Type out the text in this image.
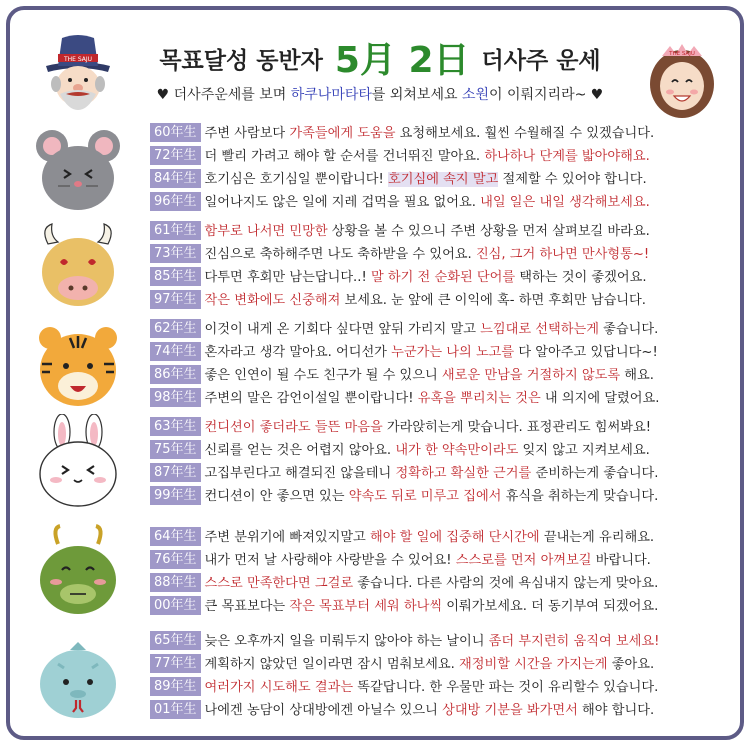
THE SAJU	목표달성 동반자 5月 2日 더사주 운세
♥ 더사주운세를 보며 하쿠나마타타를 외쳐보세요 소원이 이뤄지리라~ ♥
THE SAJU
60年生 주변 사람보다 가족들에게 도움을 요청해보세요. 훨씬 수월해질 수 있겠습니다.
72年生 더 빨리 가려고 해야 할 순서를 건너뛰진 말아요. 하나하나 단계를 밟아야해요.
84年生 호기심은 호기심일 뿐이랍니다! 호기심에 속지 말고 절제할 수 있어야 합니다.
96年生 일어나지도 않은 일에 지레 겁먹을 필요 없어요. 내일 일은 내일 생각해보세요.
61年生 함부로 나서면 민망한 상황을 볼 수 있으니 주변 상황을 먼저 살펴보길 바라요.
73年生 진심으로 축하해주면 나도 축하받을 수 있어요. 진심, 그거 하나면 만사형통~!
85年生 다투면 후회만 남는답니다..! 말 하기 전 순화된 단어를 택하는 것이 좋겠어요.
97年生 작은 변화에도 신중해져 보세요. 눈 앞에 큰 이익에 혹- 하면 후회만 남습니다.
62年生 이것이 내게 온 기회다 싶다면 앞뒤 가리지 말고 느낌대로 선택하는게 좋습니다.
74年生 혼자라고 생각 말아요. 어디선가 누군가는 나의 노고를 다 알아주고 있답니다~!
86年生 좋은 인연이 될 수도 친구가 될 수 있으니 새로운 만남을 거절하지 않도록 해요.
98年生 주변의 말은 감언이설일 뿐이랍니다! 유혹을 뿌리치는 것은 내 의지에 달렸어요.
63年生 컨디션이 좋더라도 들뜬 마음을 가라앉히는게 맞습니다. 표정관리도 힘써봐요!
75年生 신뢰를 얻는 것은 어렵지 않아요. 내가 한 약속만이라도 잊지 않고 지켜보세요.
87年生 고집부린다고 해결되진 않을테니 정확하고 확실한 근거를 준비하는게 좋습니다.
99年生 컨디션이 안 좋으면 있는 약속도 뒤로 미루고 집에서 휴식을 취하는게 맞습니다.
64年生 주변 분위기에 빠져있지말고 해야 할 일에 집중해 단시간에 끝내는게 유리해요.
76年生 내가 먼저 날 사랑해야 사랑받을 수 있어요! 스스로를 먼저 아껴보길 바랍니다.
88年生 스스로 만족한다면 그걸로 좋습니다. 다른 사람의 것에 욕심내지 않는게 맞아요.
00年生 큰 목표보다는 작은 목표부터 세워 하나씩 이뤄가보세요. 더 동기부여 되겠어요.
65年生 늦은 오후까지 일을 미뤄두지 않아야 하는 날이니 좀더 부지런히 움직여 보세요!
77年生 계획하지 않았던 일이라면 잠시 멈춰보세요. 재정비할 시간을 가지는게 좋아요.
89年生 여러가지 시도해도 결과는 똑같답니다. 한 우물만 파는 것이 유리할수 있습니다.
01年生 나에겐 농담이 상대방에겐 아닐수 있으니 상대방 기분을 봐가면서 해야 합니다.
